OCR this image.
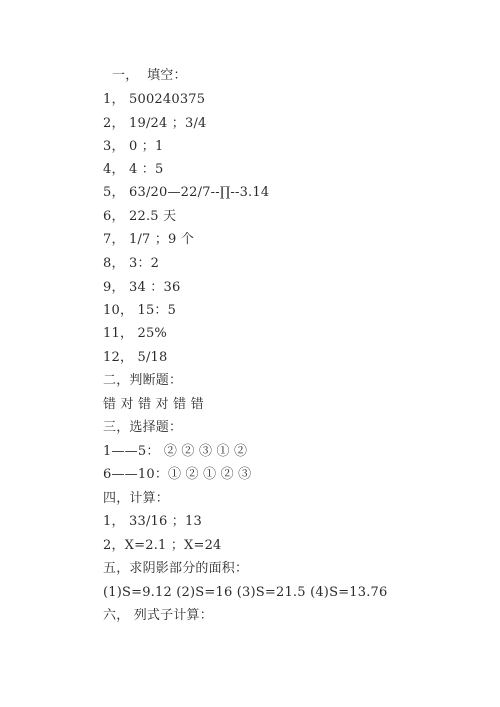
一，  填空：
1， 500240375
2， 19/24 ；3/4
3， 0 ；1
4， 4 ：5
5， 63/20—22/7--∏--3.14
6， 22.5 天
7， 1/7 ；9 个
8， 3：2
9， 34 ：36
10， 15：5
11， 25%
12， 5/18
二，判断题：
错 对 错 对 错 错
三，选择题：
1——5： ② ② ③ ① ②
6——10：① ② ① ② ③
四，计算：
1， 33/16 ；13
2，X=2.1 ；X=24
五，求阴影部分的面积：
(1)S=9.12 (2)S=16 (3)S=21.5 (4)S=13.76
六， 列式子计算：
